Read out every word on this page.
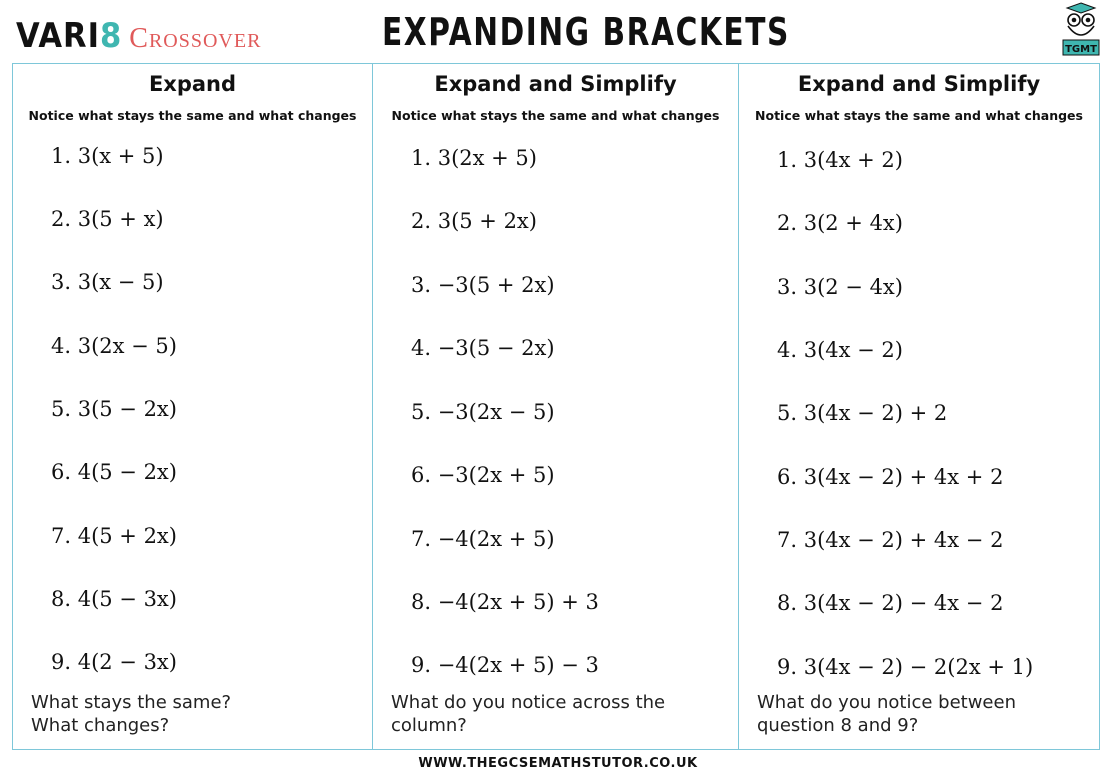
VARI8 Crossover	EXPANDING BRACKETS	TGMT
Expand
Notice what stays the same and what changes
1. 3(x + 5)
2. 3(5 + x)
3. 3(x − 5)
4. 3(2x − 5)
5. 3(5 − 2x)
6. 4(5 − 2x)
7. 4(5 + 2x)
8. 4(5 − 3x)
9. 4(2 − 3x)
What stays the same?
What changes?
Expand and Simplify
Notice what stays the same and what changes
1. 3(2x + 5)
2. 3(5 + 2x)
3. −3(5 + 2x)
4. −3(5 − 2x)
5. −3(2x − 5)
6. −3(2x + 5)
7. −4(2x + 5)
8. −4(2x + 5) + 3
9. −4(2x + 5) − 3
What do you notice across the
column?
Expand and Simplify
Notice what stays the same and what changes
1. 3(4x + 2)
2. 3(2 + 4x)
3. 3(2 − 4x)
4. 3(4x − 2)
5. 3(4x − 2) + 2
6. 3(4x − 2) + 4x + 2
7. 3(4x − 2) + 4x − 2
8. 3(4x − 2) − 4x − 2
9. 3(4x − 2) − 2(2x + 1)
What do you notice between
question 8 and 9?
WWW.THEGCSEMATHSTUTOR.CO.UK
